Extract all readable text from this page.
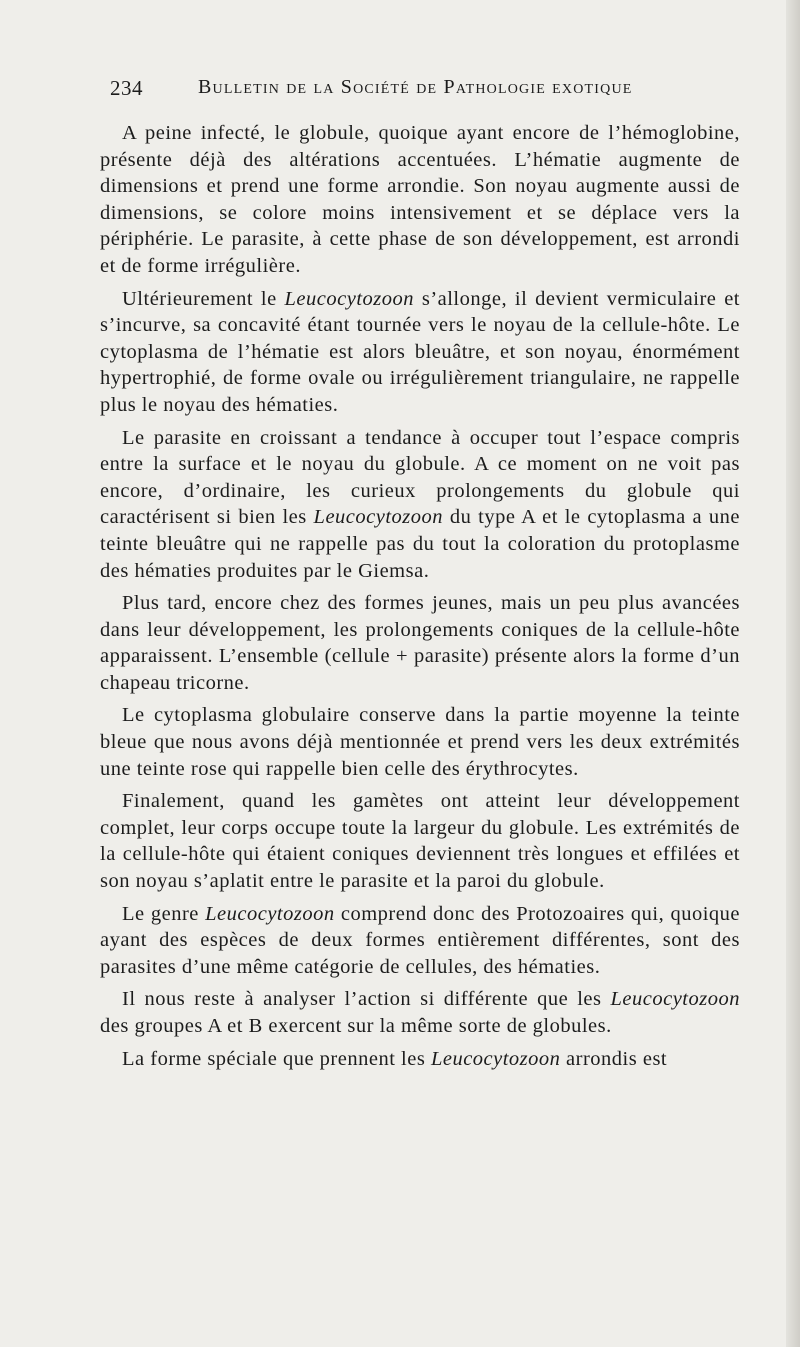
234	Bulletin de la Société de Pathologie exotique

A peine infecté, le globule, quoique ayant encore de l’hémoglobine, présente déjà des altérations accentuées. L’hématie augmente de dimensions et prend une forme arrondie. Son noyau augmente aussi de dimensions, se colore moins intensivement et se déplace vers la périphérie. Le parasite, à cette phase de son développement, est arrondi et de forme irrégulière.

Ultérieurement le Leucocytozoon s’allonge, il devient vermiculaire et s’incurve, sa concavité étant tournée vers le noyau de la cellule-hôte. Le cytoplasma de l’hématie est alors bleuâtre, et son noyau, énormément hypertrophié, de forme ovale ou irrégulièrement triangulaire, ne rappelle plus le noyau des hématies.

Le parasite en croissant a tendance à occuper tout l’espace compris entre la surface et le noyau du globule. A ce moment on ne voit pas encore, d’ordinaire, les curieux prolongements du globule qui caractérisent si bien les Leucocytozoon du type A et le cytoplasma a une teinte bleuâtre qui ne rappelle pas du tout la coloration du protoplasme des hématies produites par le Giemsa.

Plus tard, encore chez des formes jeunes, mais un peu plus avancées dans leur développement, les prolongements coniques de la cellule-hôte apparaissent. L’ensemble (cellule + parasite) présente alors la forme d’un chapeau tricorne.

Le cytoplasma globulaire conserve dans la partie moyenne la teinte bleue que nous avons déjà mentionnée et prend vers les deux extrémités une teinte rose qui rappelle bien celle des érythrocytes.

Finalement, quand les gamètes ont atteint leur développement complet, leur corps occupe toute la largeur du globule. Les extrémités de la cellule-hôte qui étaient coniques deviennent très longues et effilées et son noyau s’aplatit entre le parasite et la paroi du globule.

Le genre Leucocytozoon comprend donc des Protozoaires qui, quoique ayant des espèces de deux formes entièrement différentes, sont des parasites d’une même catégorie de cellules, des hématies.

Il nous reste à analyser l’action si différente que les Leucocytozoon des groupes A et B exercent sur la même sorte de globules.

La forme spéciale que prennent les Leucocytozoon arrondis est
